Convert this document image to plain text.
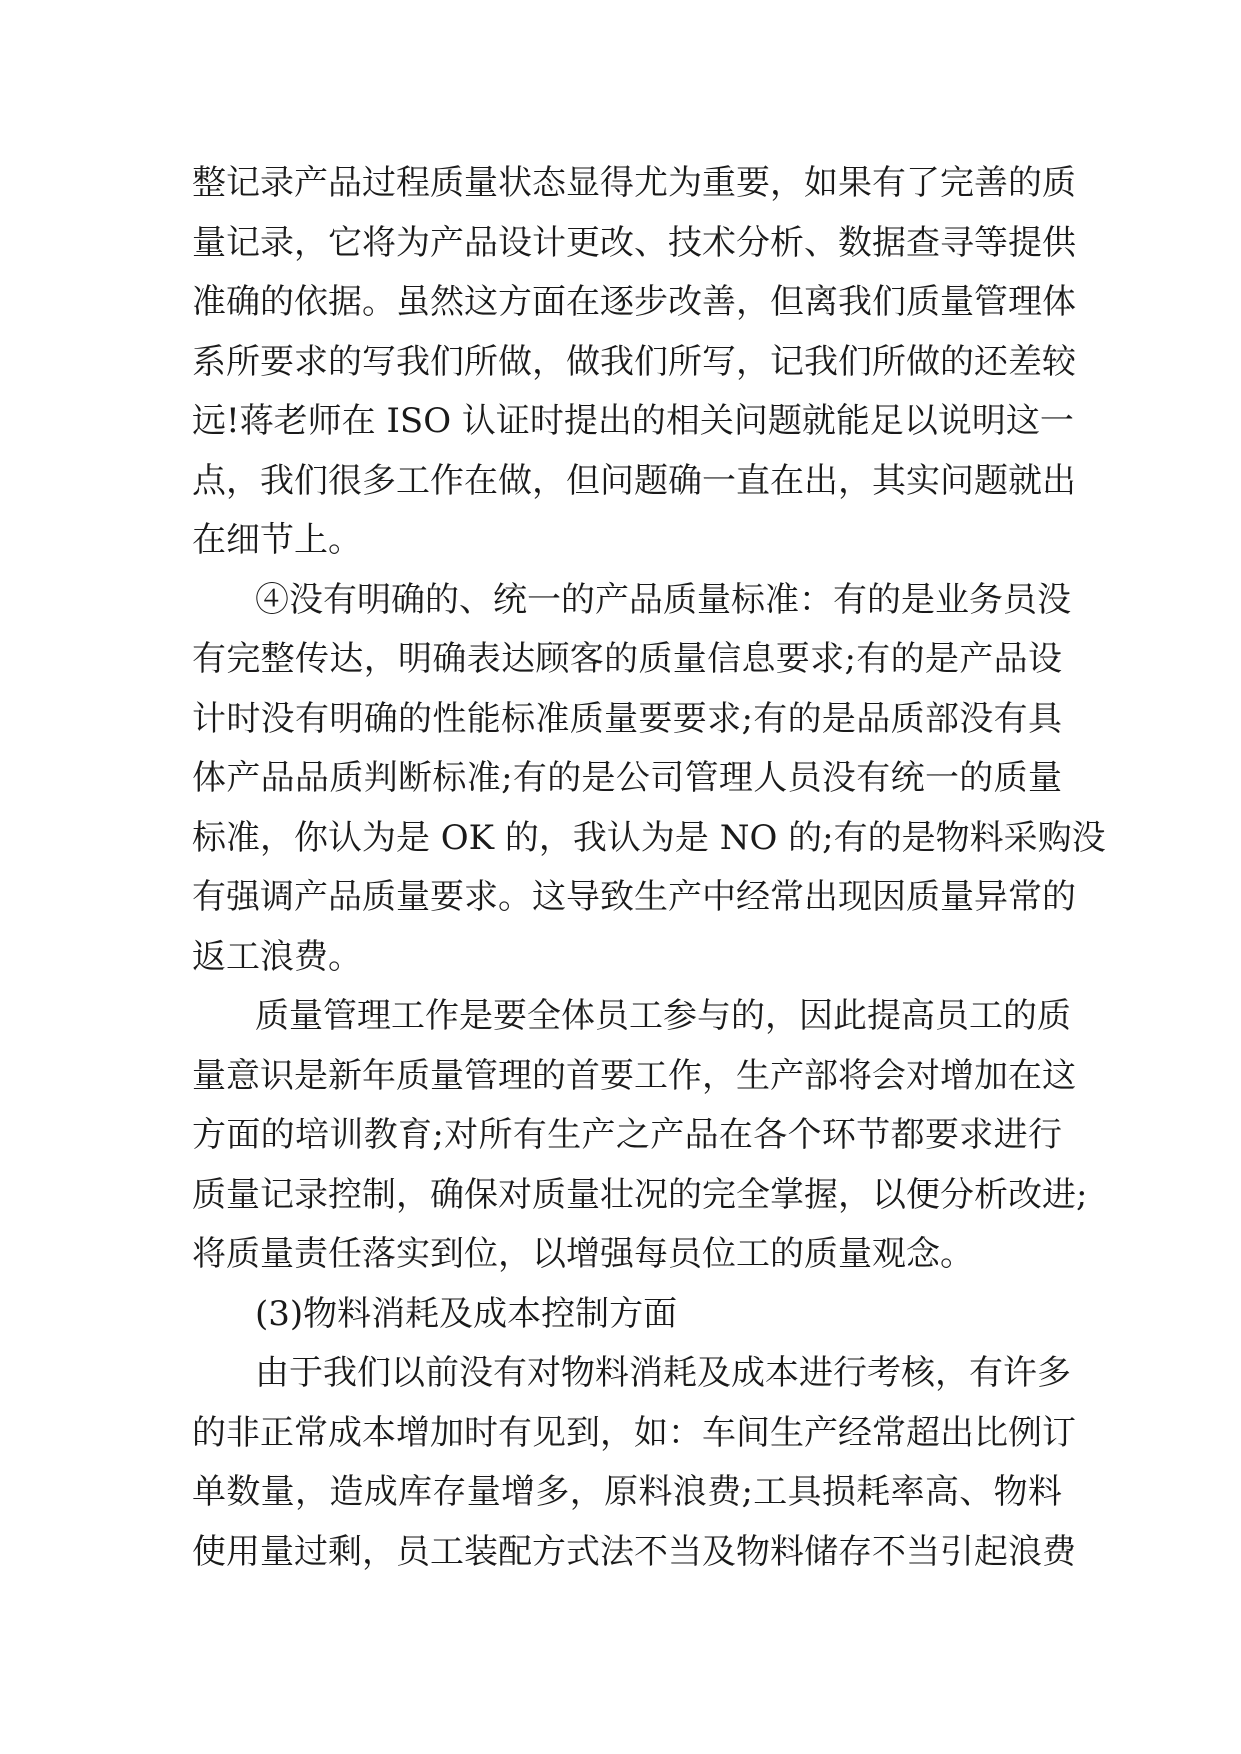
整记录产品过程质量状态显得尤为重要，如果有了完善的质
量记录，它将为产品设计更改、技术分析、数据查寻等提供
准确的依据。虽然这方面在逐步改善，但离我们质量管理体
系所要求的写我们所做，做我们所写，记我们所做的还差较
远!蒋老师在 ISO 认证时提出的相关问题就能足以说明这一
点，我们很多工作在做，但问题确一直在出，其实问题就出
在细节上。
④没有明确的、统一的产品质量标准：有的是业务员没
有完整传达，明确表达顾客的质量信息要求;有的是产品设
计时没有明确的性能标准质量要要求;有的是品质部没有具
体产品品质判断标准;有的是公司管理人员没有统一的质量
标准，你认为是 OK 的，我认为是 NO 的;有的是物料采购没
有强调产品质量要求。这导致生产中经常出现因质量异常的
返工浪费。
质量管理工作是要全体员工参与的，因此提高员工的质
量意识是新年质量管理的首要工作，生产部将会对增加在这
方面的培训教育;对所有生产之产品在各个环节都要求进行
质量记录控制，确保对质量壮况的完全掌握，以便分析改进;
将质量责任落实到位，以增强每员位工的质量观念。
(3)物料消耗及成本控制方面
由于我们以前没有对物料消耗及成本进行考核，有许多
的非正常成本增加时有见到，如：车间生产经常超出比例订
单数量，造成库存量增多，原料浪费;工具损耗率高、物料
使用量过剩，员工装配方式法不当及物料储存不当引起浪费
